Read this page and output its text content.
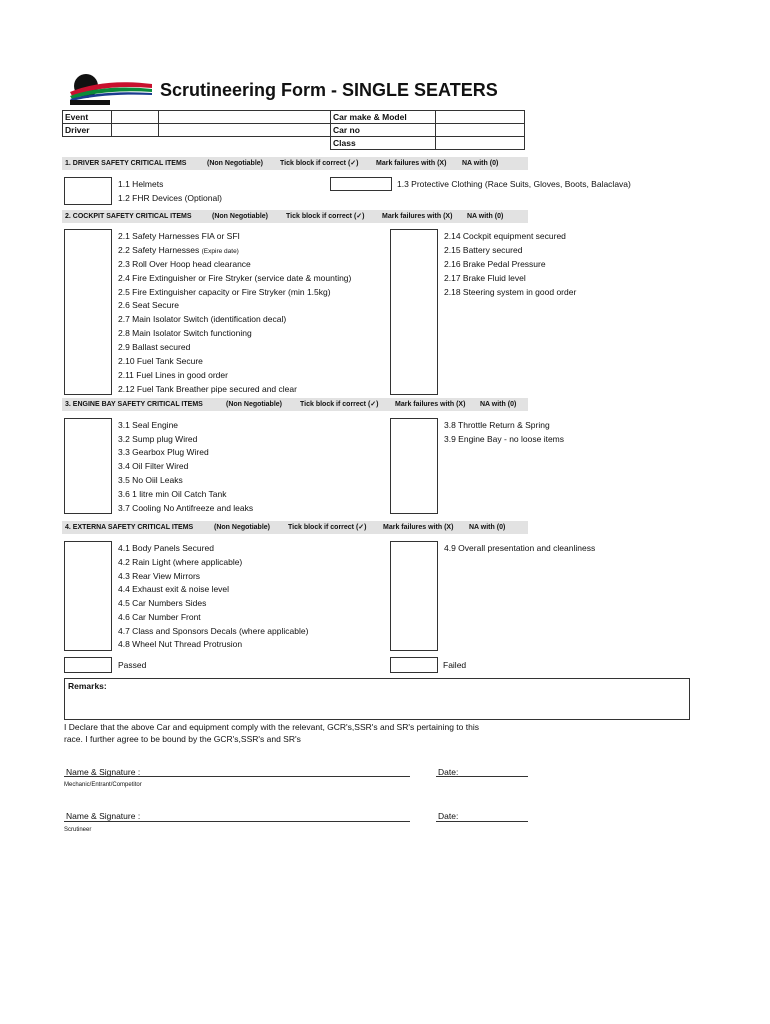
Scrutineering Form - SINGLE SEATERS
Event			Car make & Model	
Driver			Car no	
			Class	
1. DRIVER SAFETY CRITICAL ITEMS	(Non Negotiable) Tick block if correct (✓)	Mark failures with (X) NA with (0)
1.1 Helmets
1.2 FHR Devices (Optional)
1.3 Protective Clothing (Race Suits, Gloves, Boots, Balaclava)
2. COCKPIT SAFETY CRITICAL ITEMS	(Non Negotiable)	Tick block if correct (✓)	Mark failures with (X) NA with (0)
2.1 Safety Harnesses FIA or SFI
2.2 Safety Harnesses (Expire date)
2.3 Roll Over Hoop head clearance
2.4 Fire Extinguisher or Fire Stryker (service date & mounting)
2.5 Fire Extinguisher capacity or Fire Stryker (min 1.5kg)
2.6 Seat Secure
2.7 Main Isolator Switch (identification decal)
2.8 Main Isolator Switch functioning
2.9 Ballast secured
2.10 Fuel Tank Secure
2.11 Fuel Lines in good order
2.12 Fuel Tank Breather pipe secured and clear
2.14 Cockpit equipment secured
2.15 Battery secured
2.16 Brake Pedal Pressure
2.17 Brake Fluid level
2.18 Steering system in good order
3. ENGINE BAY SAFETY CRITICAL ITEMS	(Non Negotiable)	Tick block if correct (✓) Mark failures with (X) NA with (0)
3.1 Seal Engine
3.2 Sump plug Wired
3.3 Gearbox Plug Wired
3.4 Oil Filter Wired
3.5 No Oiil Leaks
3.6 1 litre min Oil Catch Tank
3.7 Cooling No Antifreeze and leaks
3.8 Throttle Return & Spring
3.9 Engine Bay - no loose items
4. EXTERNA SAFETY CRITICAL ITEMS	(Non Negotiable)	Tick block if correct (✓) Mark failures with (X) NA with (0)
4.1 Body Panels Secured
4.2 Rain Light (where applicable)
4.3 Rear View Mirrors
4.4 Exhaust exit & noise level
4.5 Car Numbers Sides
4.6 Car Number Front
4.7 Class and Sponsors Decals (where applicable)
4.8 Wheel Nut Thread Protrusion
4.9 Overall presentation and cleanliness
Passed	Failed
Remarks:
I Declare that the above Car and equipment comply with the relevant, GCR's,SSR's and SR's pertaining to this
race. I further agree to be bound by the GCR's,SSR's and SR's
Name & Signature :	Date:
Mechanic/Entrant/Competitor
Name & Signature :	Date:
Scrutineer
